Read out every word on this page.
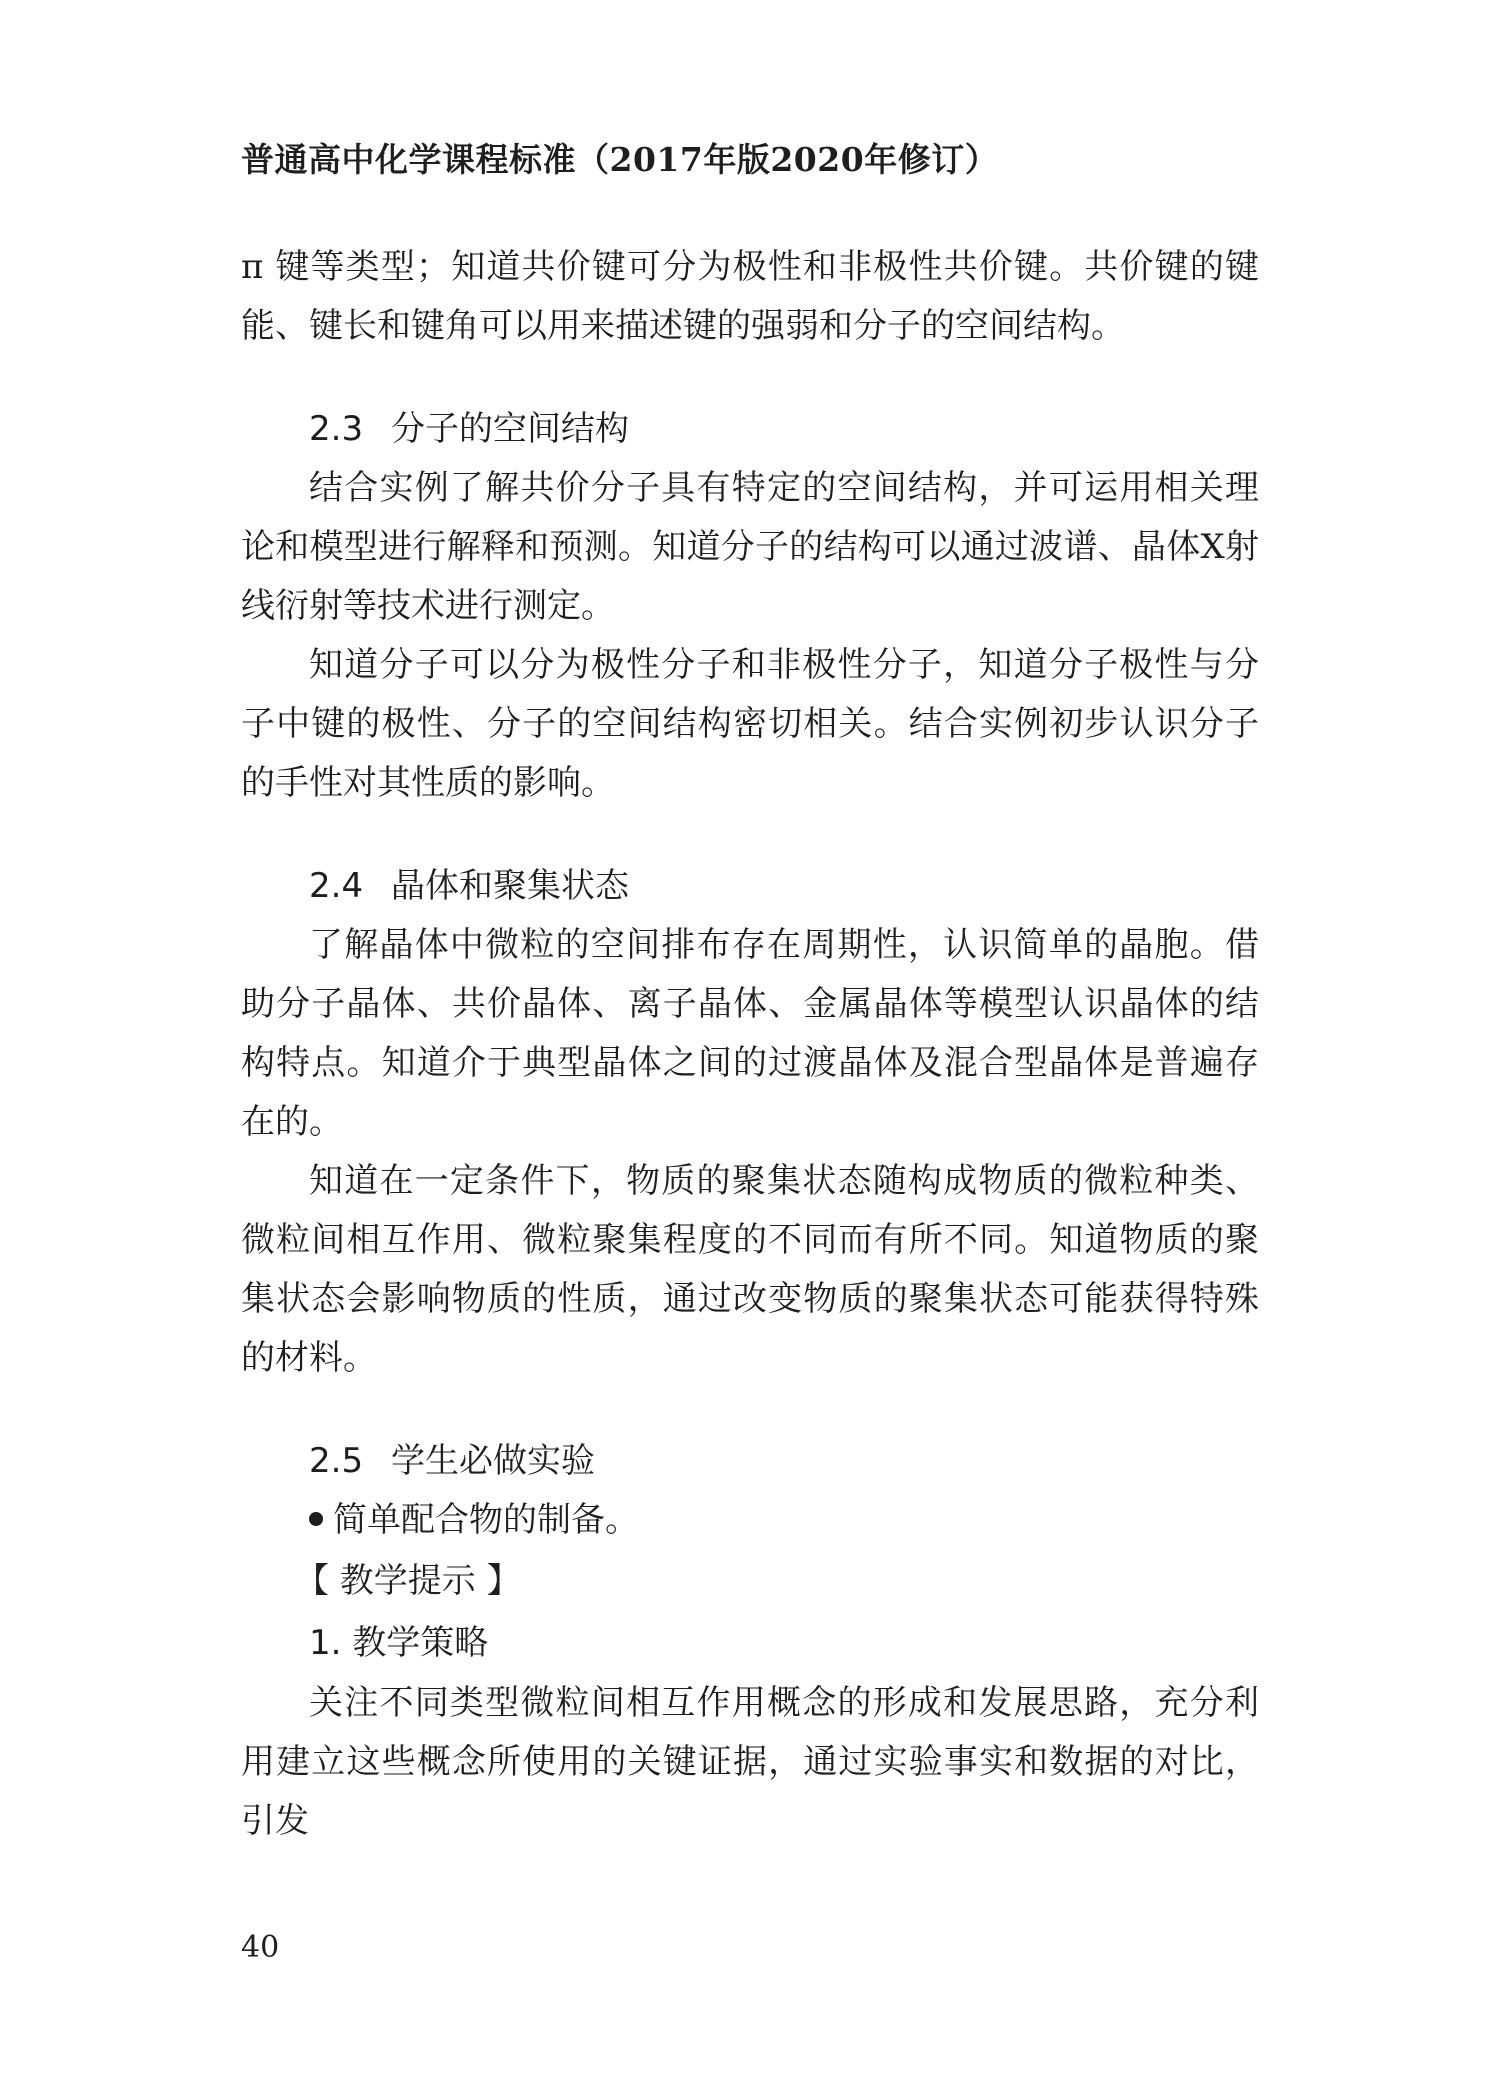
普通高中化学课程标准（2017年版2020年修订）

π 键等类型；知道共价键可分为极性和非极性共价键。共价键的键能、键长和键角可以用来描述键的强弱和分子的空间结构。

2.3 分子的空间结构

结合实例了解共价分子具有特定的空间结构，并可运用相关理论和模型进行解释和预测。知道分子的结构可以通过波谱、晶体X射线衍射等技术进行测定。

知道分子可以分为极性分子和非极性分子，知道分子极性与分子中键的极性、分子的空间结构密切相关。结合实例初步认识分子的手性对其性质的影响。

2.4 晶体和聚集状态

了解晶体中微粒的空间排布存在周期性，认识简单的晶胞。借助分子晶体、共价晶体、离子晶体、金属晶体等模型认识晶体的结构特点。知道介于典型晶体之间的过渡晶体及混合型晶体是普遍存在的。

知道在一定条件下，物质的聚集状态随构成物质的微粒种类、微粒间相互作用、微粒聚集程度的不同而有所不同。知道物质的聚集状态会影响物质的性质，通过改变物质的聚集状态可能获得特殊的材料。

2.5 学生必做实验
简单配合物的制备。
【 教学提示 】
1. 教学策略

关注不同类型微粒间相互作用概念的形成和发展思路，充分利用建立这些概念所使用的关键证据，通过实验事实和数据的对比，引发

40
